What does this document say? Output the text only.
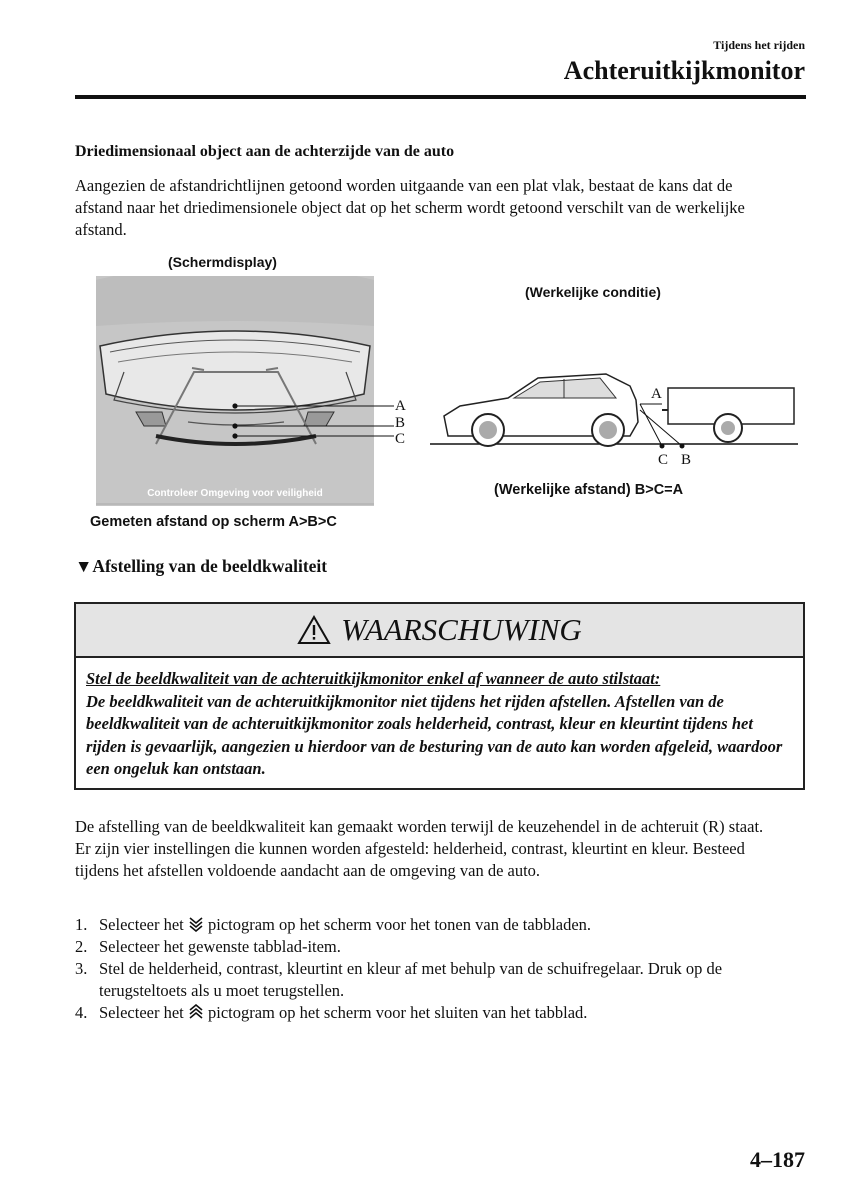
Tijdens het rijden
Achteruitkijkmonitor
Driedimensionaal object aan de achterzijde van de auto
Aangezien de afstandrichtlijnen getoond worden uitgaande van een plat vlak, bestaat de kans dat de afstand naar het driedimensionele object dat op het scherm wordt getoond verschilt van de werkelijke afstand.
(Schermdisplay)
A
B
C
Controleer Omgeving voor veiligheid
Gemeten afstand op scherm A>B>C
(Werkelijke conditie)
A
C B
(Werkelijke afstand) B>C=A
▼Afstelling van de beeldkwaliteit
WAARSCHUWING
Stel de beeldkwaliteit van de achteruitkijkmonitor enkel af wanneer de auto stilstaat:
De beeldkwaliteit van de achteruitkijkmonitor niet tijdens het rijden afstellen. Afstellen van de beeldkwaliteit van de achteruitkijkmonitor zoals helderheid, contrast, kleur en kleurtint tijdens het rijden is gevaarlijk, aangezien u hierdoor van de besturing van de auto kan worden afgeleid, waardoor een ongeluk kan ontstaan.
De afstelling van de beeldkwaliteit kan gemaakt worden terwijl de keuzehendel in de achteruit (R) staat.
Er zijn vier instellingen die kunnen worden afgesteld: helderheid, contrast, kleurtint en kleur. Besteed tijdens het afstellen voldoende aandacht aan de omgeving van de auto.
1. Selecteer het pictogram op het scherm voor het tonen van de tabbladen.
2. Selecteer het gewenste tabblad-item.
3. Stel de helderheid, contrast, kleurtint en kleur af met behulp van de schuifregelaar. Druk op de terugsteltoets als u moet terugstellen.
4. Selecteer het pictogram op het scherm voor het sluiten van het tabblad.
4–187
